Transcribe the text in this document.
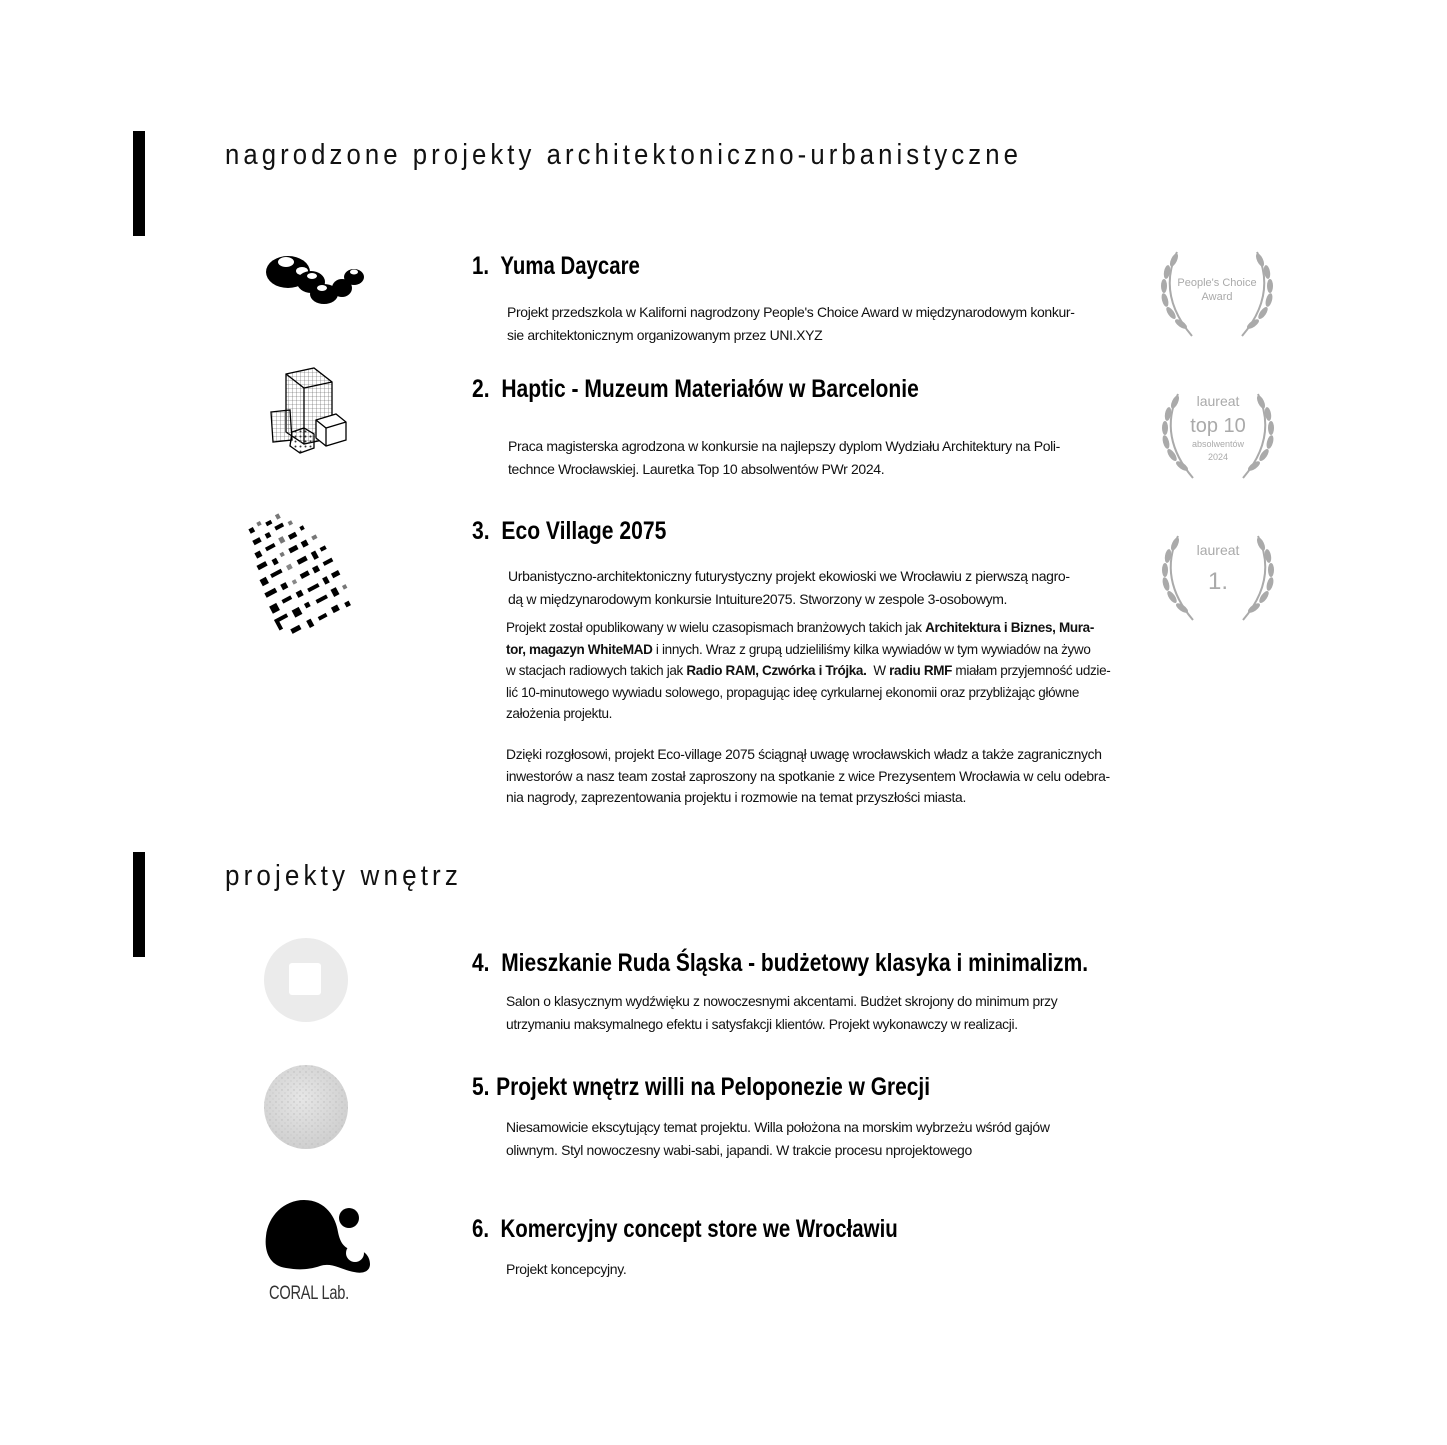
nagrodzone projekty architektoniczno-urbanistyczne
1. Yuma Daycare

Projekt przedszkola w Kaliforni nagrodzony People's Choice Award w międzynarodowym konkur-
sie architektonicznym organizowanym przez UNI.XYZ

People's Choice
Award
2. Haptic - Muzeum Materiałów w Barcelonie

Praca magisterska agrodzona w konkursie na najlepszy dyplom Wydziału Architektury na Poli-
technce Wrocławskiej. Lauretka Top 10 absolwentów PWr 2024.

laureat
top 10
absolwentów
2024
3. Eco Village 2075

Urbanistyczno-architektoniczny futurystyczny projekt ekowioski we Wrocławiu z pierwszą nagro-
dą w międzynarodowym konkursie Intuiture2075. Stworzony w zespole 3-osobowym.

laureat
1.

Projekt został opublikowany w wielu czasopismach branżowych takich jak Architektura i Biznes, Mura-
tor, magazyn WhiteMAD i innych. Wraz z grupą udzieliliśmy kilka wywiadów w tym wywiadów na żywo
w stacjach radiowych takich jak Radio RAM, Czwórka i Trójka.  W radiu RMF miałam przyjemność udzie-
lić 10-minutowego wywiadu solowego, propagując ideę cyrkularnej ekonomii oraz przybliżając główne
założenia projektu.

Dzięki rozgłosowi, projekt Eco-village 2075 ściągnął uwagę wrocławskich władz a także zagranicznych
inwestorów a nasz team został zaproszony na spotkanie z wice Prezysentem Wrocławia w celu odebra-
nia nagrody, zaprezentowania projektu i rozmowie na temat przyszłości miasta.

projekty wnętrz
4. Mieszkanie Ruda Śląska - budżetowy klasyka i minimalizm.

Salon o klasycznym wydźwięku z nowoczesnymi akcentami. Budżet skrojony do minimum przy
utrzymaniu maksymalnego efektu i satysfakcji klientów. Projekt wykonawczy w realizacji.

5. Projekt wnętrz willi na Peloponezie w Grecji

Niesamowicie ekscytujący temat projektu. Willa położona na morskim wybrzeżu wśród gajów
oliwnym. Styl nowoczesny wabi-sabi, japandi. W trakcie procesu nprojektowego

CORAL Lab.
6. Komercyjny concept store we Wrocławiu

Projekt koncepcyjny.
